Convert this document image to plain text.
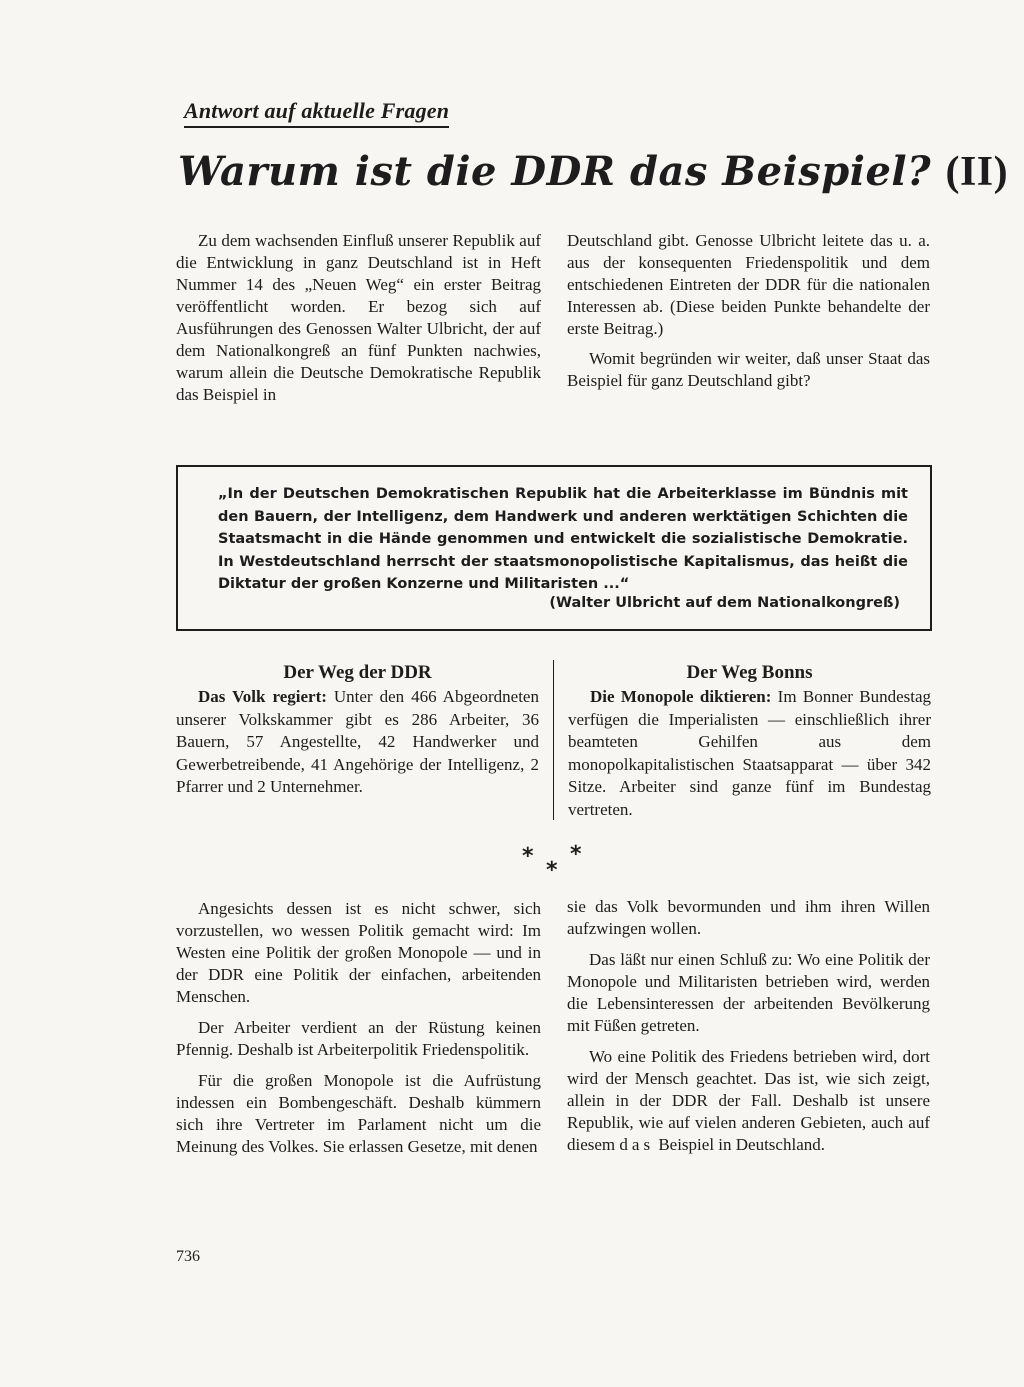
Antwort auf aktuelle Fragen
Warum ist die DDR das Beispiel? (II)

Zu dem wachsenden Einfluß unserer Republik auf die Entwicklung in ganz Deutschland ist in Heft Nummer 14 des „Neuen Weg“ ein erster Beitrag veröffentlicht worden. Er bezog sich auf Ausführungen des Genossen Walter Ulbricht, der auf dem Nationalkongreß an fünf Punkten nachwies, warum allein die Deutsche Demokratische Republik das Beispiel in

Deutschland gibt. Genosse Ulbricht leitete das u. a. aus der konsequenten Friedenspolitik und dem entschiedenen Eintreten der DDR für die nationalen Interessen ab. (Diese beiden Punkte behandelte der erste Beitrag.)

Womit begründen wir weiter, daß unser Staat das Beispiel für ganz Deutschland gibt?

„In der Deutschen Demokratischen Republik hat die Arbeiterklasse im Bündnis mit den Bauern, der Intelligenz, dem Handwerk und anderen werktätigen Schichten die Staatsmacht in die Hände genommen und entwickelt die sozialistische Demokratie. In Westdeutschland herrscht der staatsmonopolistische Kapitalismus, das heißt die Diktatur der großen Konzerne und Militaristen ...“
(Walter Ulbricht auf dem Nationalkongreß)
Der Weg der DDR
Das Volk regiert: Unter den 466 Abgeordneten unserer Volkskammer gibt es 286 Arbeiter, 36 Bauern, 57 Angestellte, 42 Handwerker und Gewerbetreibende, 41 Angehörige der Intelligenz, 2 Pfarrer und 2 Unternehmer.
Der Weg Bonns
Die Monopole diktieren: Im Bonner Bundestag verfügen die Imperialisten — einschließlich ihrer beamteten Gehilfen aus dem monopolkapitalistischen Staatsapparat — über 342 Sitze. Arbeiter sind ganze fünf im Bundestag vertreten.
*
*
*

Angesichts dessen ist es nicht schwer, sich vorzustellen, wo wessen Politik gemacht wird: Im Westen eine Politik der großen Monopole — und in der DDR eine Politik der einfachen, arbeitenden Menschen.

Der Arbeiter verdient an der Rüstung keinen Pfennig. Deshalb ist Arbeiterpolitik Friedenspolitik.

Für die großen Monopole ist die Aufrüstung indessen ein Bombengeschäft. Deshalb kümmern sich ihre Vertreter im Parlament nicht um die Meinung des Volkes. Sie erlassen Gesetze, mit denen

sie das Volk bevormunden und ihm ihren Willen aufzwingen wollen.

Das läßt nur einen Schluß zu: Wo eine Politik der Monopole und Militaristen betrieben wird, werden die Lebensinteressen der arbeitenden Bevölkerung mit Füßen getreten.

Wo eine Politik des Friedens betrieben wird, dort wird der Mensch geachtet. Das ist, wie sich zeigt, allein in der DDR der Fall. Deshalb ist unsere Republik, wie auf vielen anderen Gebieten, auch auf diesem das Beispiel in Deutschland.

736
